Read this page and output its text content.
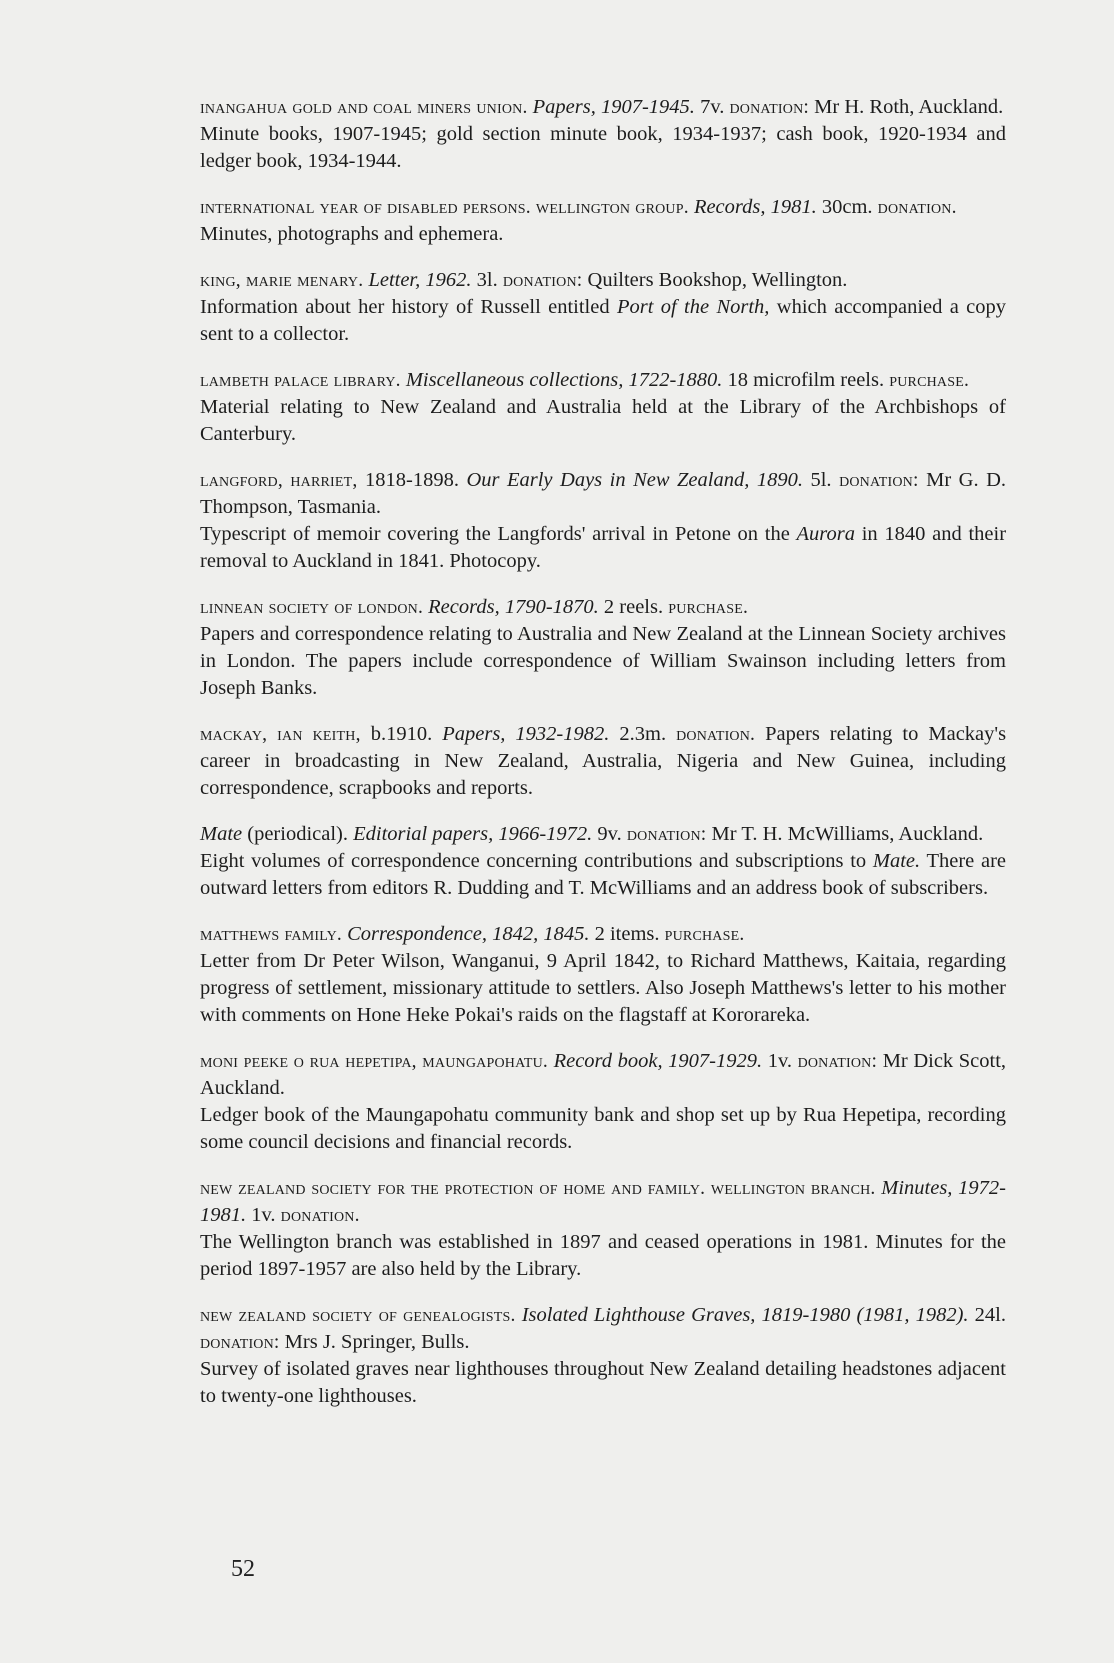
inangahua gold and coal miners union. Papers, 1907-1945. 7v. donation: Mr H. Roth, Auckland.

Minute books, 1907-1945; gold section minute book, 1934-1937; cash book, 1920-1934 and ledger book, 1934-1944.

international year of disabled persons. wellington group. Records, 1981. 30cm. donation.

Minutes, photographs and ephemera.

king, marie menary. Letter, 1962. 3l. donation: Quilters Bookshop, Wellington.

Information about her history of Russell entitled Port of the North, which accompanied a copy sent to a collector.

lambeth palace library. Miscellaneous collections, 1722-1880. 18 microfilm reels. purchase.

Material relating to New Zealand and Australia held at the Library of the Archbishops of Canterbury.

langford, harriet, 1818-1898. Our Early Days in New Zealand, 1890. 5l. donation: Mr G. D. Thompson, Tasmania.

Typescript of memoir covering the Langfords' arrival in Petone on the Aurora in 1840 and their removal to Auckland in 1841. Photocopy.

linnean society of london. Records, 1790-1870. 2 reels. purchase.

Papers and correspondence relating to Australia and New Zealand at the Linnean Society archives in London. The papers include correspondence of William Swainson including letters from Joseph Banks.

mackay, ian keith, b.1910. Papers, 1932-1982. 2.3m. donation. Papers relating to Mackay's career in broadcasting in New Zealand, Australia, Nigeria and New Guinea, including correspondence, scrapbooks and reports.

Mate (periodical). Editorial papers, 1966-1972. 9v. donation: Mr T. H. McWilliams, Auckland.

Eight volumes of correspondence concerning contributions and subscriptions to Mate. There are outward letters from editors R. Dudding and T. McWilliams and an address book of subscribers.

matthews family. Correspondence, 1842, 1845. 2 items. purchase.

Letter from Dr Peter Wilson, Wanganui, 9 April 1842, to Richard Matthews, Kaitaia, regarding progress of settlement, missionary attitude to settlers. Also Joseph Matthews's letter to his mother with comments on Hone Heke Pokai's raids on the flagstaff at Kororareka.

moni peeke o rua hepetipa, maungapohatu. Record book, 1907-1929. 1v. donation: Mr Dick Scott, Auckland.

Ledger book of the Maungapohatu community bank and shop set up by Rua Hepetipa, recording some council decisions and financial records.

new zealand society for the protection of home and family. wellington branch. Minutes, 1972-1981. 1v. donation.

The Wellington branch was established in 1897 and ceased operations in 1981. Minutes for the period 1897-1957 are also held by the Library.

new zealand society of genealogists. Isolated Lighthouse Graves, 1819-1980 (1981, 1982). 24l. donation: Mrs J. Springer, Bulls.

Survey of isolated graves near lighthouses throughout New Zealand detailing headstones adjacent to twenty-one lighthouses.

52
